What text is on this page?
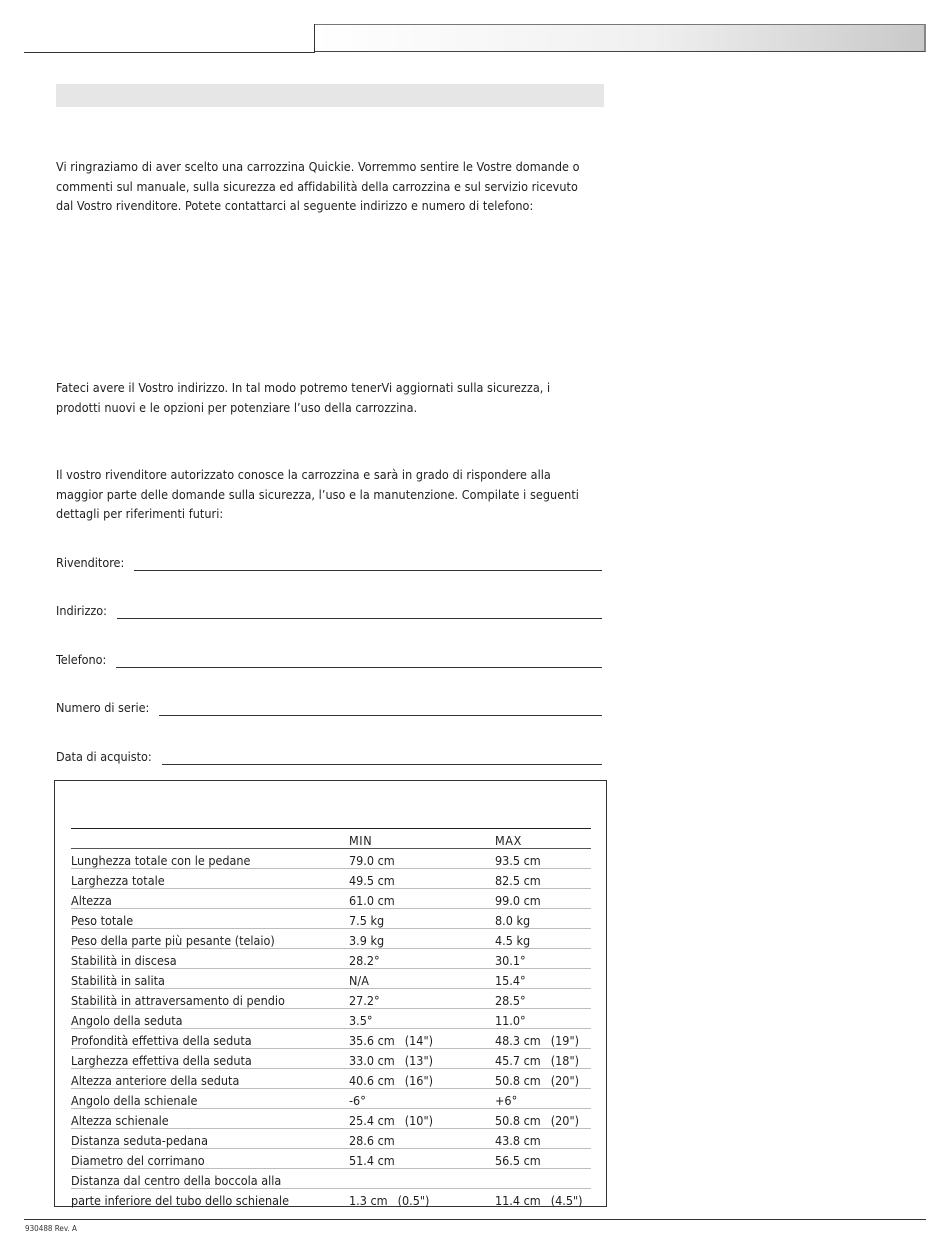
Vi ringraziamo di aver scelto una carrozzina Quickie. Vorremmo sentire le Vostre domande o
commenti sul manuale, sulla sicurezza ed affidabilità della carrozzina e sul servizio ricevuto
dal Vostro rivenditore. Potete contattarci al seguente indirizzo e numero di telefono:

Fateci avere il Vostro indirizzo. In tal modo potremo tenerVi aggiornati sulla sicurezza, i
prodotti nuovi e le opzioni per potenziare l’uso della carrozzina.

Il vostro rivenditore autorizzato conosce la carrozzina e sarà in grado di rispondere alla
maggior parte delle domande sulla sicurezza, l’uso e la manutenzione. Compilate i seguenti
dettagli per riferimenti futuri:

Rivenditore:
Indirizzo:
Telefono:
Numero di serie:
Data di acquisto:
	MIN	MAX
Lunghezza totale con le pedane	79.0 cm	93.5 cm
Larghezza totale	49.5 cm	82.5 cm
Altezza	61.0 cm	99.0 cm
Peso totale	7.5 kg	8.0 kg
Peso della parte più pesante (telaio)	3.9 kg	4.5 kg
Stabilità in discesa	28.2°	30.1°
Stabilità in salita	N/A	15.4°
Stabilità in attraversamento di pendio	27.2°	28.5°
Angolo della seduta	3.5°	11.0°
Profondità effettiva della seduta	35.6 cm (14")	48.3 cm (19")
Larghezza effettiva della seduta	33.0 cm (13")	45.7 cm (18")
Altezza anteriore della seduta	40.6 cm (16")	50.8 cm (20")
Angolo della schienale	-6°	+6°
Altezza schienale	25.4 cm (10")	50.8 cm (20")
Distanza seduta-pedana	28.6 cm	43.8 cm
Diametro del corrimano	51.4 cm	56.5 cm
Distanza dal centro della boccola alla		
parte inferiore del tubo dello schienale	1.3 cm (0.5")	11.4 cm (4.5")
930488 Rev. A
